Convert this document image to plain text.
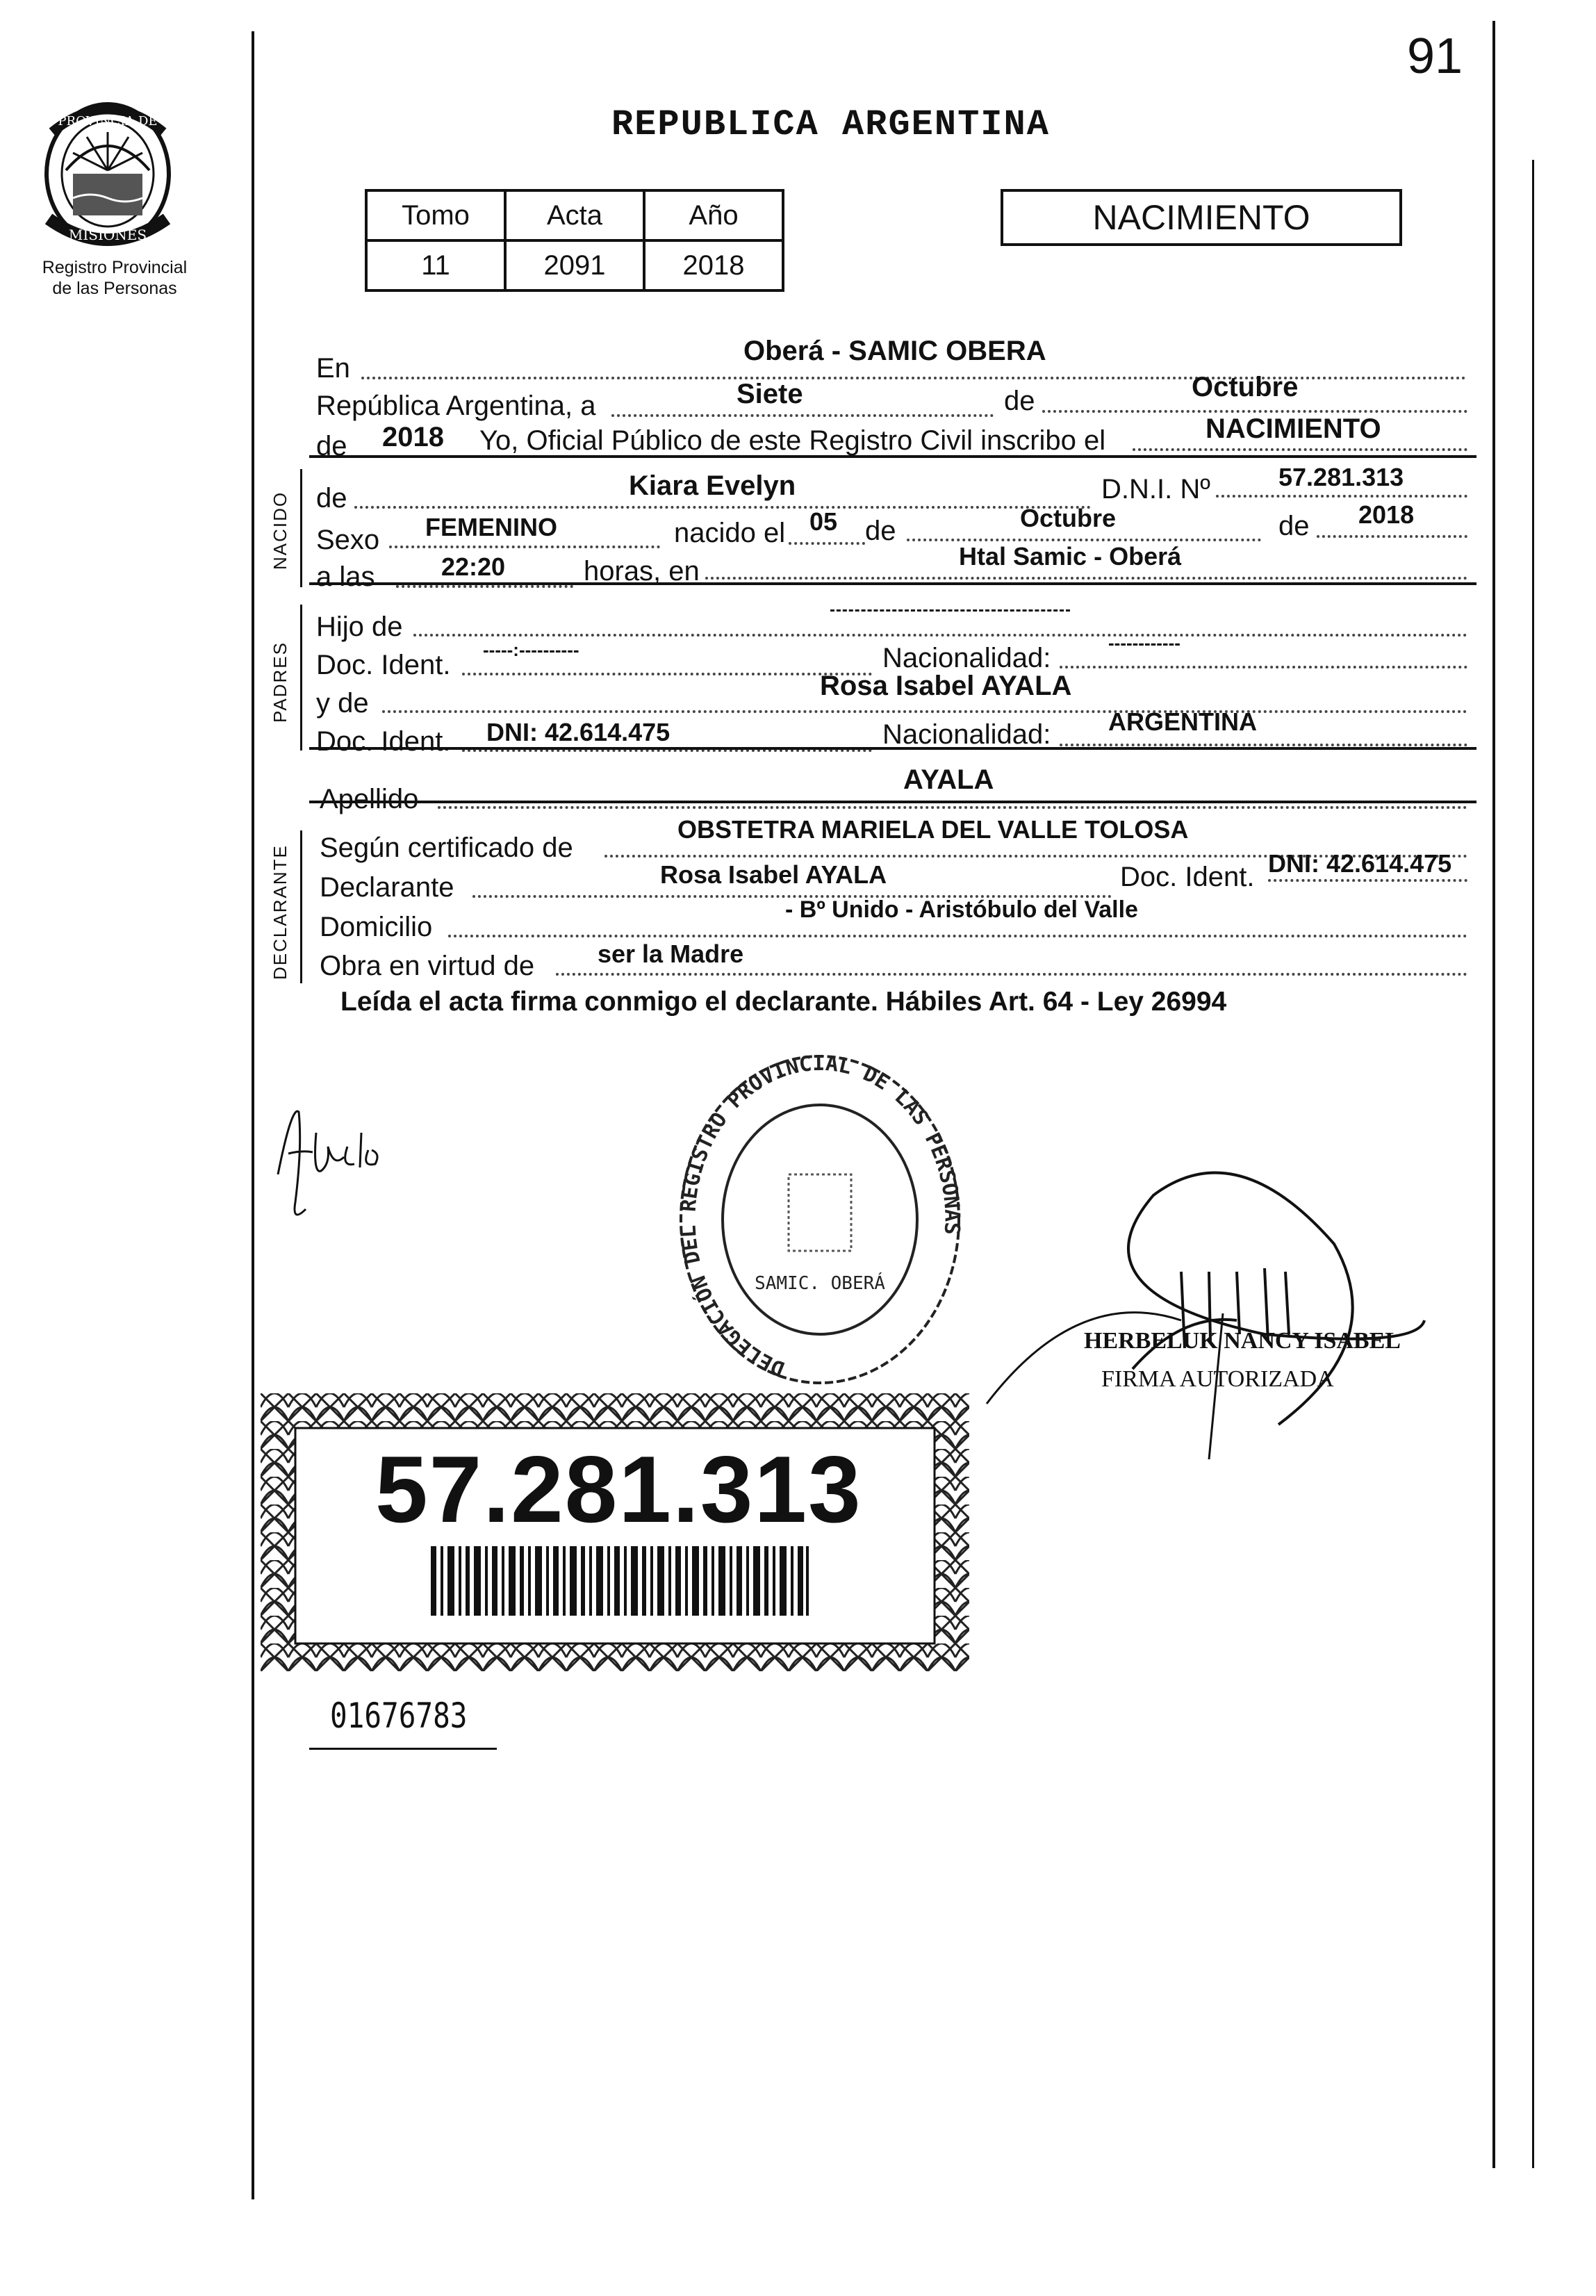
91
PROVINCIA DE
MISIONES
Registro Provincial
de las Personas
REPUBLICA ARGENTINA
Tomo	Acta	Año
11	2091	2018
NACIMIENTO
En
Oberá - SAMIC OBERA
República Argentina, a	Siete	de	Octubre
de 2018 Yo, Oficial Público de este Registro Civil inscribo el	NACIMIENTO
NACIDO de	Kiara Evelyn	D.N.I. Nº	57.281.313
Sexo FEMENINO	nacido el 05 de	Octubre	de 2018
a las	22:20	horas, en	Htal Samic - Oberá
PADRES
Hijo de
Doc. Ident. -----:----------	Nacionalidad:	------------
y de
Rosa Isabel AYALA
Doc. Ident. DNI: 42.614.475	Nacionalidad: ARGENTINA
Apellido
AYALA
DECLARANTE Según certificado de
OBSTETRA MARIELA DEL VALLE TOLOSA
Declarante	Rosa Isabel AYALA	Doc. Ident. DNI: 42.614.475
Domicilio
- Bº Unido - Aristóbulo del Valle
Obra en virtud de	ser la Madre
Leída el acta firma conmigo el declarante. Hábiles Art. 64 - Ley 26994
DELEGACIÓN DEL REGISTRO PROVINCIAL DE LAS PERSONAS
SAMIC. OBERÁ
HERBELUK NANCY ISABEL
FIRMA AUTORIZADA
57.281.313
01676783
